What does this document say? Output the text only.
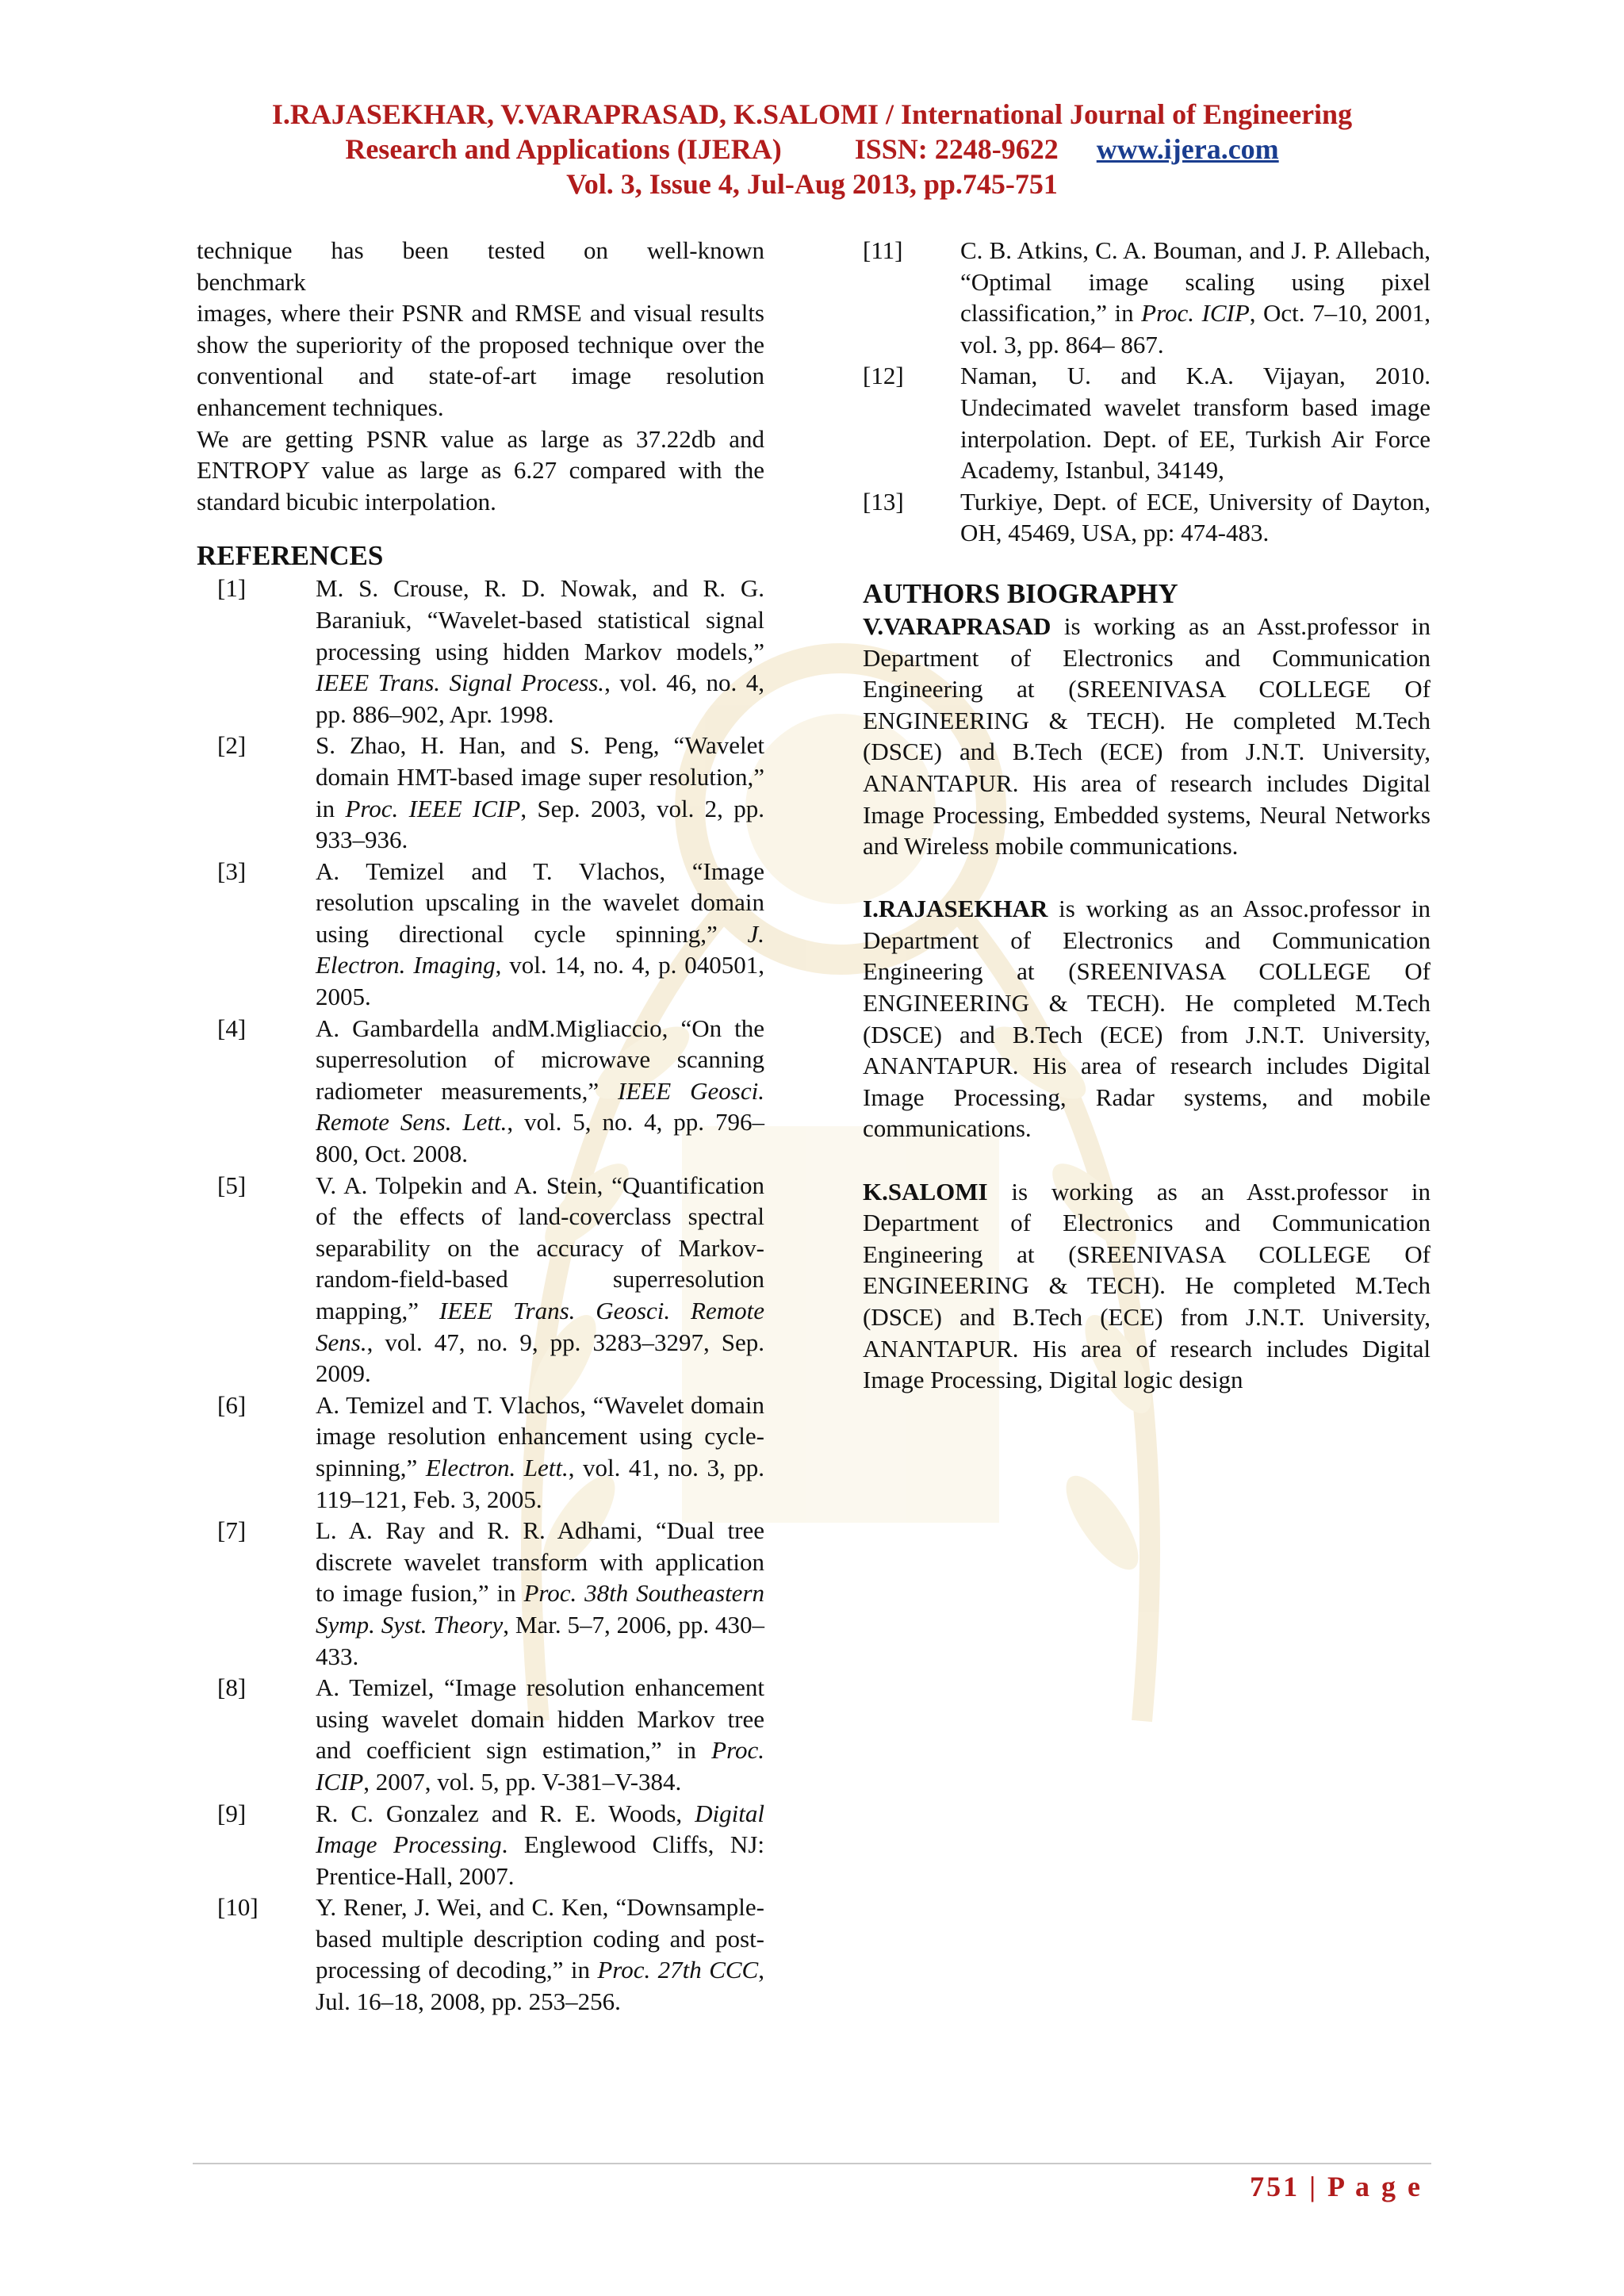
I.RAJASEKHAR, V.VARAPRASAD, K.SALOMI / International Journal of Engineering
Research and Applications (IJERA)	ISSN: 2248-9622 www.ijera.com
Vol. 3, Issue 4, Jul-Aug 2013, pp.745-751

technique has been tested on well-known

benchmark

images, where their PSNR and RMSE and visual results show the superiority of the proposed technique over the conventional and state-of-art image resolution enhancement techniques.

We are getting PSNR value as large as 37.22db and ENTROPY value as large as 6.27 compared with the standard bicubic interpolation.

REFERENCES
[1]	M. S. Crouse, R. D. Nowak, and R. G. Baraniuk, “Wavelet-based statistical signal processing using hidden Markov models,” IEEE Trans. Signal Process., vol. 46, no. 4, pp. 886–902, Apr. 1998.
[2]	S. Zhao, H. Han, and S. Peng, “Wavelet domain HMT-based image super resolution,” in Proc. IEEE ICIP, Sep. 2003, vol. 2, pp. 933–936.
[3]	A. Temizel and T. Vlachos, “Image resolution upscaling in the wavelet domain using directional cycle spinning,” J. Electron. Imaging, vol. 14, no. 4, p. 040501, 2005.
[4]	A. Gambardella andM.Migliaccio, “On the superresolution of microwave scanning radiometer measurements,” IEEE Geosci. Remote Sens. Lett., vol. 5, no. 4, pp. 796–800, Oct. 2008.
[5]	V. A. Tolpekin and A. Stein, “Quantification of the effects of land-coverclass spectral separability on the accuracy of Markov-random-field-based superresolution mapping,” IEEE Trans. Geosci. Remote Sens., vol. 47, no. 9, pp. 3283–3297, Sep. 2009.
[6]	A. Temizel and T. Vlachos, “Wavelet domain image resolution enhancement using cycle-spinning,” Electron. Lett., vol. 41, no. 3, pp. 119–121, Feb. 3, 2005.
[7]	L. A. Ray and R. R. Adhami, “Dual tree discrete wavelet transform with application to image fusion,” in Proc. 38th Southeastern Symp. Syst. Theory, Mar. 5–7, 2006, pp. 430–433.
[8]	A. Temizel, “Image resolution enhancement using wavelet domain hidden Markov tree and coefficient sign estimation,” in Proc. ICIP, 2007, vol. 5, pp. V-381–V-384.
[9]	R. C. Gonzalez and R. E. Woods, Digital Image Processing. Englewood Cliffs, NJ: Prentice-Hall, 2007.
[10]	Y. Rener, J. Wei, and C. Ken, “Downsample-based multiple description coding and post-processing of decoding,” in Proc. 27th CCC, Jul. 16–18, 2008, pp. 253–256.
[11]	C. B. Atkins, C. A. Bouman, and J. P. Allebach, “Optimal image scaling using pixel classification,” in Proc. ICIP, Oct. 7–10, 2001, vol. 3, pp. 864– 867.
[12]	Naman, U. and K.A. Vijayan, 2010. Undecimated wavelet transform based image interpolation. Dept. of EE, Turkish Air Force Academy, Istanbul, 34149,
[13]	Turkiye, Dept. of ECE, University of Dayton, OH, 45469, USA, pp: 474-483.
AUTHORS BIOGRAPHY

V.VARAPRASAD is working as an Asst.professor in Department of Electronics and Communication Engineering at (SREENIVASA COLLEGE Of ENGINEERING & TECH). He completed M.Tech (DSCE) and B.Tech (ECE) from J.N.T. University, ANANTAPUR. His area of research includes Digital Image Processing, Embedded systems, Neural Networks and Wireless mobile communications.

I.RAJASEKHAR is working as an Assoc.professor in Department of Electronics and Communication Engineering at (SREENIVASA COLLEGE Of ENGINEERING & TECH). He completed M.Tech (DSCE) and B.Tech (ECE) from J.N.T. University, ANANTAPUR. His area of research includes Digital Image Processing, Radar systems, and mobile communications.

K.SALOMI is working as an Asst.professor in Department of Electronics and Communication Engineering at (SREENIVASA COLLEGE Of ENGINEERING & TECH). He completed M.Tech (DSCE) and B.Tech (ECE) from J.N.T. University, ANANTAPUR. His area of research includes Digital Image Processing, Digital logic design

751 | P a g e
